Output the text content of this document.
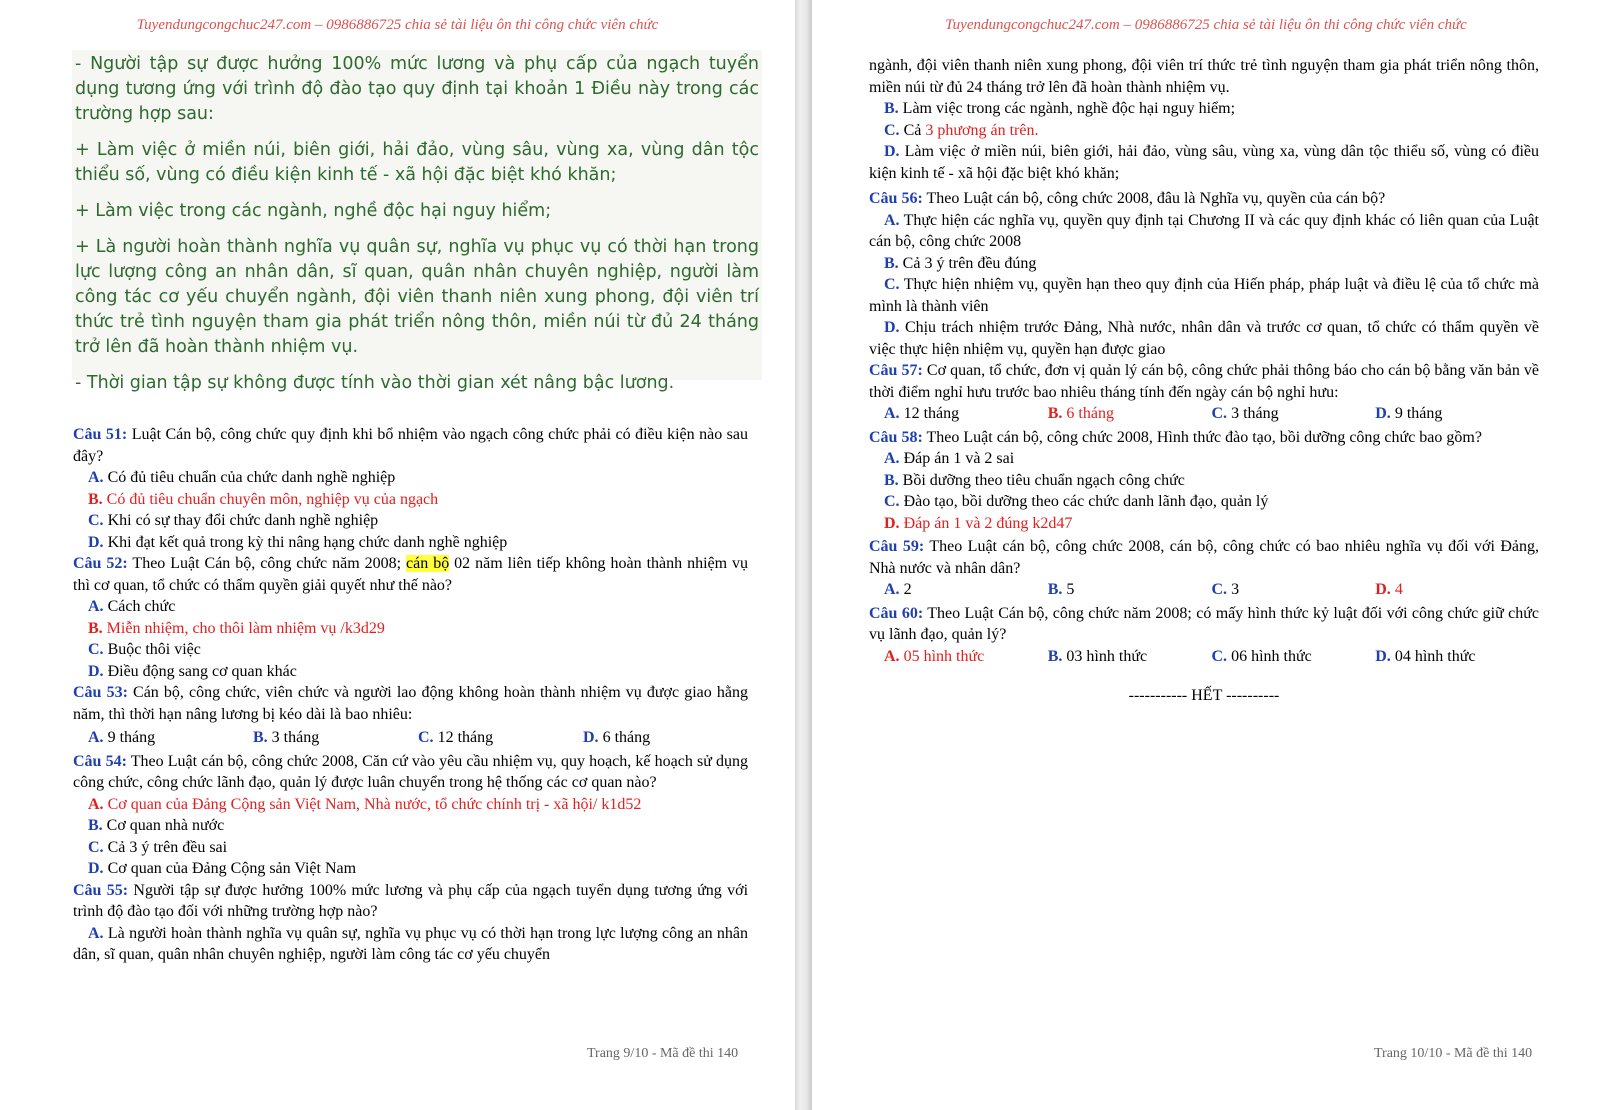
Tuyendungcongchuc247.com – 0986886725 chia sẻ tài liệu ôn thi công chức viên chức

- Người tập sự được hưởng 100% mức lương và phụ cấp của ngạch tuyển dụng tương ứng với trình độ đào tạo quy định tại khoản 1 Điều này trong các trường hợp sau:

+ Làm việc ở miền núi, biên giới, hải đảo, vùng sâu, vùng xa, vùng dân tộc thiểu số, vùng có điều kiện kinh tế - xã hội đặc biệt khó khăn;

+ Làm việc trong các ngành, nghề độc hại nguy hiểm;

+ Là người hoàn thành nghĩa vụ quân sự, nghĩa vụ phục vụ có thời hạn trong lực lượng công an nhân dân, sĩ quan, quân nhân chuyên nghiệp, người làm công tác cơ yếu chuyển ngành, đội viên thanh niên xung phong, đội viên trí thức trẻ tình nguyện tham gia phát triển nông thôn, miền núi từ đủ 24 tháng trở lên đã hoàn thành nhiệm vụ.

- Thời gian tập sự không được tính vào thời gian xét nâng bậc lương.

Câu 51: Luật Cán bộ, công chức quy định khi bổ nhiệm vào ngạch công chức phải có điều kiện nào sau đây?

A. Có đủ tiêu chuẩn của chức danh nghề nghiệp

B. Có đủ tiêu chuẩn chuyên môn, nghiệp vụ của ngạch

C. Khi có sự thay đổi chức danh nghề nghiệp

D. Khi đạt kết quả trong kỳ thi nâng hạng chức danh nghề nghiệp

Câu 52: Theo Luật Cán bộ, công chức năm 2008; cán bộ 02 năm liên tiếp không hoàn thành nhiệm vụ thì cơ quan, tổ chức có thẩm quyền giải quyết như thế nào?

A. Cách chức

B. Miễn nhiệm, cho thôi làm nhiệm vụ /k3d29

C. Buộc thôi việc

D. Điều động sang cơ quan khác

Câu 53: Cán bộ, công chức, viên chức và người lao động không hoàn thành nhiệm vụ được giao hằng năm, thì thời hạn nâng lương bị kéo dài là bao nhiêu:

A. 9 tháng	B. 3 tháng	C. 12 tháng	D. 6 tháng

Câu 54: Theo Luật cán bộ, công chức 2008, Căn cứ vào yêu cầu nhiệm vụ, quy hoạch, kế hoạch sử dụng công chức, công chức lãnh đạo, quản lý được luân chuyển trong hệ thống các cơ quan nào?

A. Cơ quan của Đảng Cộng sản Việt Nam, Nhà nước, tổ chức chính trị - xã hội/ k1d52

B. Cơ quan nhà nước

C. Cả 3 ý trên đều sai

D. Cơ quan của Đảng Cộng sản Việt Nam

Câu 55: Người tập sự được hưởng 100% mức lương và phụ cấp của ngạch tuyển dụng tương ứng với trình độ đào tạo đối với những trường hợp nào?

A. Là người hoàn thành nghĩa vụ quân sự, nghĩa vụ phục vụ có thời hạn trong lực lượng công an nhân dân, sĩ quan, quân nhân chuyên nghiệp, người làm công tác cơ yếu chuyển

Trang 9/10 - Mã đề thi 140
Tuyendungcongchuc247.com – 0986886725 chia sẻ tài liệu ôn thi công chức viên chức

ngành, đội viên thanh niên xung phong, đội viên trí thức trẻ tình nguyện tham gia phát triển nông thôn, miền núi từ đủ 24 tháng trở lên đã hoàn thành nhiệm vụ.

B. Làm việc trong các ngành, nghề độc hại nguy hiểm;

C. Cả 3 phương án trên.

D. Làm việc ở miền núi, biên giới, hải đảo, vùng sâu, vùng xa, vùng dân tộc thiểu số, vùng có điều kiện kinh tế - xã hội đặc biệt khó khăn;

Câu 56: Theo Luật cán bộ, công chức 2008, đâu là Nghĩa vụ, quyền của cán bộ?

A. Thực hiện các nghĩa vụ, quyền quy định tại Chương II và các quy định khác có liên quan của Luật cán bộ, công chức 2008

B. Cả 3 ý trên đều đúng

C. Thực hiện nhiệm vụ, quyền hạn theo quy định của Hiến pháp, pháp luật và điều lệ của tổ chức mà mình là thành viên

D. Chịu trách nhiệm trước Đảng, Nhà nước, nhân dân và trước cơ quan, tổ chức có thẩm quyền về việc thực hiện nhiệm vụ, quyền hạn được giao

Câu 57: Cơ quan, tổ chức, đơn vị quản lý cán bộ, công chức phải thông báo cho cán bộ bằng văn bản về thời điểm nghỉ hưu trước bao nhiêu tháng tính đến ngày cán bộ nghỉ hưu:

A. 12 tháng	B. 6 tháng	C. 3 tháng	D. 9 tháng

Câu 58: Theo Luật cán bộ, công chức 2008, Hình thức đào tạo, bồi dưỡng công chức bao gồm?

A. Đáp án 1 và 2 sai

B. Bồi dưỡng theo tiêu chuẩn ngạch công chức

C. Đào tạo, bồi dưỡng theo các chức danh lãnh đạo, quản lý

D. Đáp án 1 và 2 đúng k2d47

Câu 59: Theo Luật cán bộ, công chức 2008, cán bộ, công chức có bao nhiêu nghĩa vụ đối với Đảng, Nhà nước và nhân dân?

A. 2	B. 5	C. 3	D. 4

Câu 60: Theo Luật Cán bộ, công chức năm 2008; có mấy hình thức kỷ luật đối với công chức giữ chức vụ lãnh đạo, quản lý?

A. 05 hình thức	B. 03 hình thức	C. 06 hình thức	D. 04 hình thức
----------- HẾT ----------
Trang 10/10 - Mã đề thi 140
